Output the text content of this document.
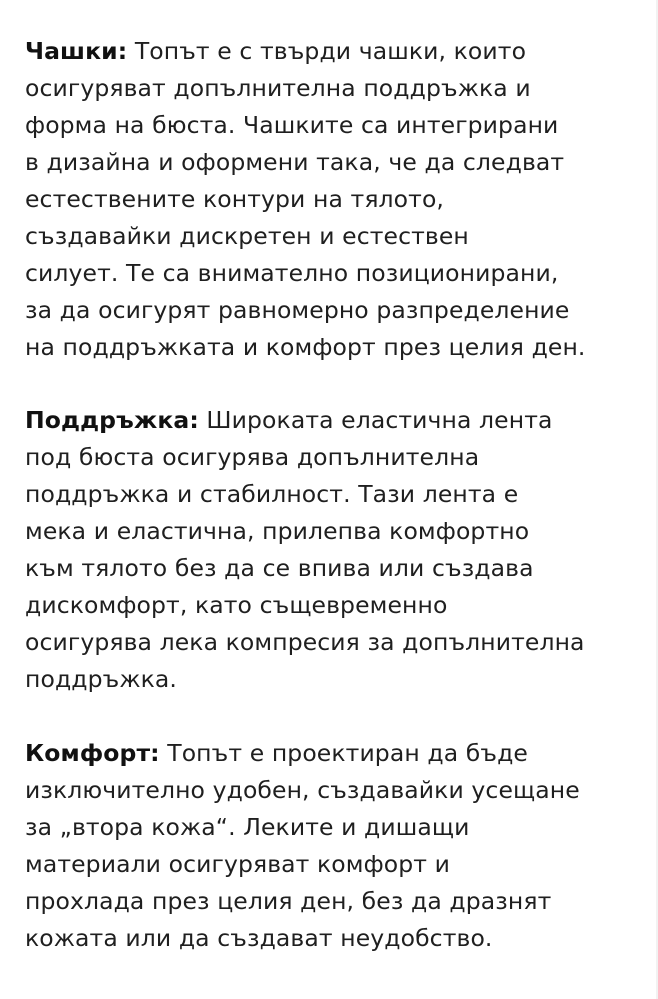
Чашки: Топът е с твърди чашки, които

осигуряват допълнителна поддръжка и

форма на бюста. Чашките са интегрирани

в дизайна и оформени така, че да следват

естествените контури на тялото,

създавайки дискретен и естествен

силует. Те са внимателно позиционирани,

за да осигурят равномерно разпределение

на поддръжката и комфорт през целия ден.

Поддръжка: Широката еластична лента

под бюста осигурява допълнителна

поддръжка и стабилност. Тази лента е

мека и еластична, прилепва комфортно

към тялото без да се впива или създава

дискомфорт, като същевременно

осигурява лека компресия за допълнителна

поддръжка.

Комфорт: Топът е проектиран да бъде

изключително удобен, създавайки усещане

за „втора кожа“. Леките и дишащи

материали осигуряват комфорт и

прохлада през целия ден, без да дразнят

кожата или да създават неудобство.
